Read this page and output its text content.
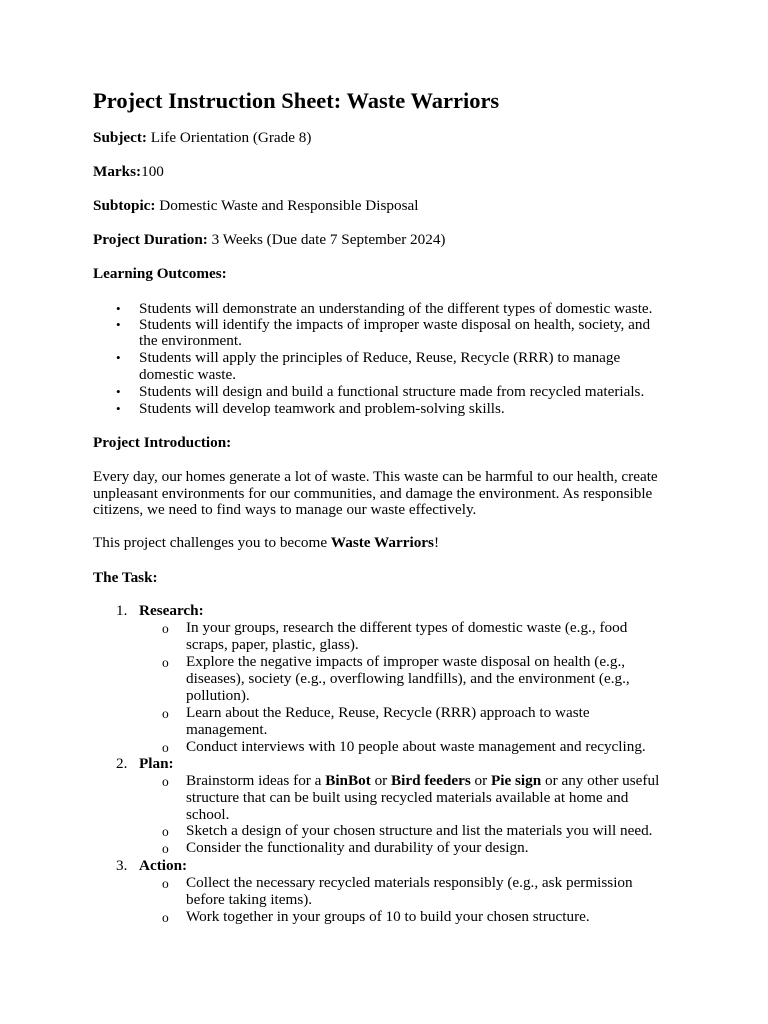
Project Instruction Sheet: Waste Warriors
Subject: Life Orientation (Grade 8)
Marks:100
Subtopic: Domestic Waste and Responsible Disposal
Project Duration: 3 Weeks (Due date 7 September 2024)
Learning Outcomes:
• Students will demonstrate an understanding of the different types of domestic waste.
• Students will identify the impacts of improper waste disposal on health, society, and
the environment.
• Students will apply the principles of Reduce, Reuse, Recycle (RRR) to manage
domestic waste.
• Students will design and build a functional structure made from recycled materials.
• Students will develop teamwork and problem-solving skills.
Project Introduction:
Every day, our homes generate a lot of waste. This waste can be harmful to our health, create
unpleasant environments for our communities, and damage the environment. As responsible
citizens, we need to find ways to manage our waste effectively.
This project challenges you to become Waste Warriors!
The Task:
1. Research:
o In your groups, research the different types of domestic waste (e.g., food
scraps, paper, plastic, glass).
o Explore the negative impacts of improper waste disposal on health (e.g.,
diseases), society (e.g., overflowing landfills), and the environment (e.g.,
pollution).
o Learn about the Reduce, Reuse, Recycle (RRR) approach to waste
management.
o Conduct interviews with 10 people about waste management and recycling.
2. Plan:
o Brainstorm ideas for a BinBot or Bird feeders or Pie sign or any other useful
structure that can be built using recycled materials available at home and
school.
o Sketch a design of your chosen structure and list the materials you will need.
o Consider the functionality and durability of your design.
3. Action:
o Collect the necessary recycled materials responsibly (e.g., ask permission
before taking items).
o Work together in your groups of 10 to build your chosen structure.
